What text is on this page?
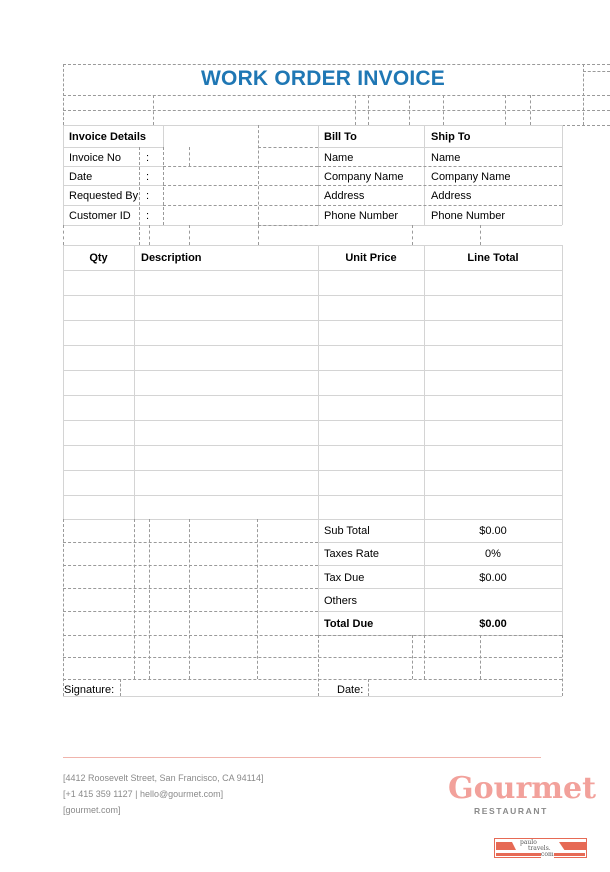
WORK ORDER INVOICE
Invoice Details
Invoice No :
Date	:
Requested By :
Customer ID :
Bill To
Name
Company Name
Address
Phone Number
Ship To
Name
Company Name
Address
Phone Number
Qty	Description	Unit Price	Line Total
Sub Total	$0.00
Taxes Rate	0%
Tax Due	$0.00
Others
Total Due	$0.00
Signature:	Date:
[4412 Roosevelt Street, San Francisco, CA 94114]
[+1 415 359 1127 | hello@gourmet.com]
[gourmet.com]
Gourmet
RESTAURANT
paulo
travels.
com
